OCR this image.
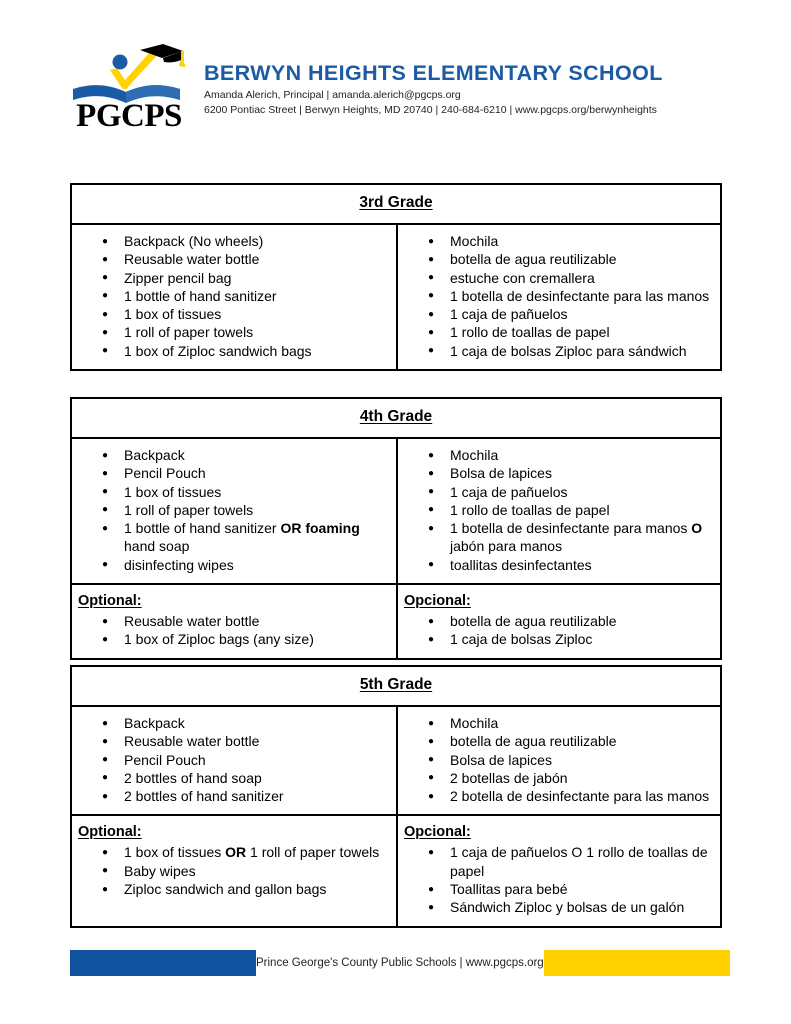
PGCPS
BERWYN HEIGHTS ELEMENTARY SCHOOL
Amanda Alerich, Principal | amanda.alerich@pgcps.org
6200 Pontiac Street | Berwyn Heights, MD 20740 | 240-684-6210 | www.pgcps.org/berwynheights
3rd Grade
● Backpack (No wheels)
● Reusable water bottle
● Zipper pencil bag
● 1 bottle of hand sanitizer
● 1 box of tissues
● 1 roll of paper towels
● 1 box of Ziploc sandwich bags
● Mochila
● botella de agua reutilizable
● estuche con cremallera
● 1 botella de desinfectante para las manos
● 1 caja de pañuelos
● 1 rollo de toallas de papel
● 1 caja de bolsas Ziploc para sándwich
4th Grade
● Backpack
● Pencil Pouch
● 1 box of tissues
● 1 roll of paper towels
● 1 bottle of hand sanitizer OR foaming hand soap
● disinfecting wipes
● Mochila
● Bolsa de lapices
● 1 caja de pañuelos
● 1 rollo de toallas de papel
● 1 botella de desinfectante para manos O jabón para manos
● toallitas desinfectantes
Optional:
● Reusable water bottle
● 1 box of Ziploc bags (any size)
Opcional:
● botella de agua reutilizable
● 1 caja de bolsas Ziploc
5th Grade
● Backpack
● Reusable water bottle
● Pencil Pouch
● 2 bottles of hand soap
● 2 bottles of hand sanitizer
● Mochila
● botella de agua reutilizable
● Bolsa de lapices
● 2 botellas de jabón
● 2 botella de desinfectante para las manos
Optional:
● 1 box of tissues OR 1 roll of paper towels
● Baby wipes
● Ziploc sandwich and gallon bags
Opcional:
● 1 caja de pañuelos O 1 rollo de toallas de papel
● Toallitas para bebé
● Sándwich Ziploc y bolsas de un galón
Prince George's County Public Schools | www.pgcps.org
